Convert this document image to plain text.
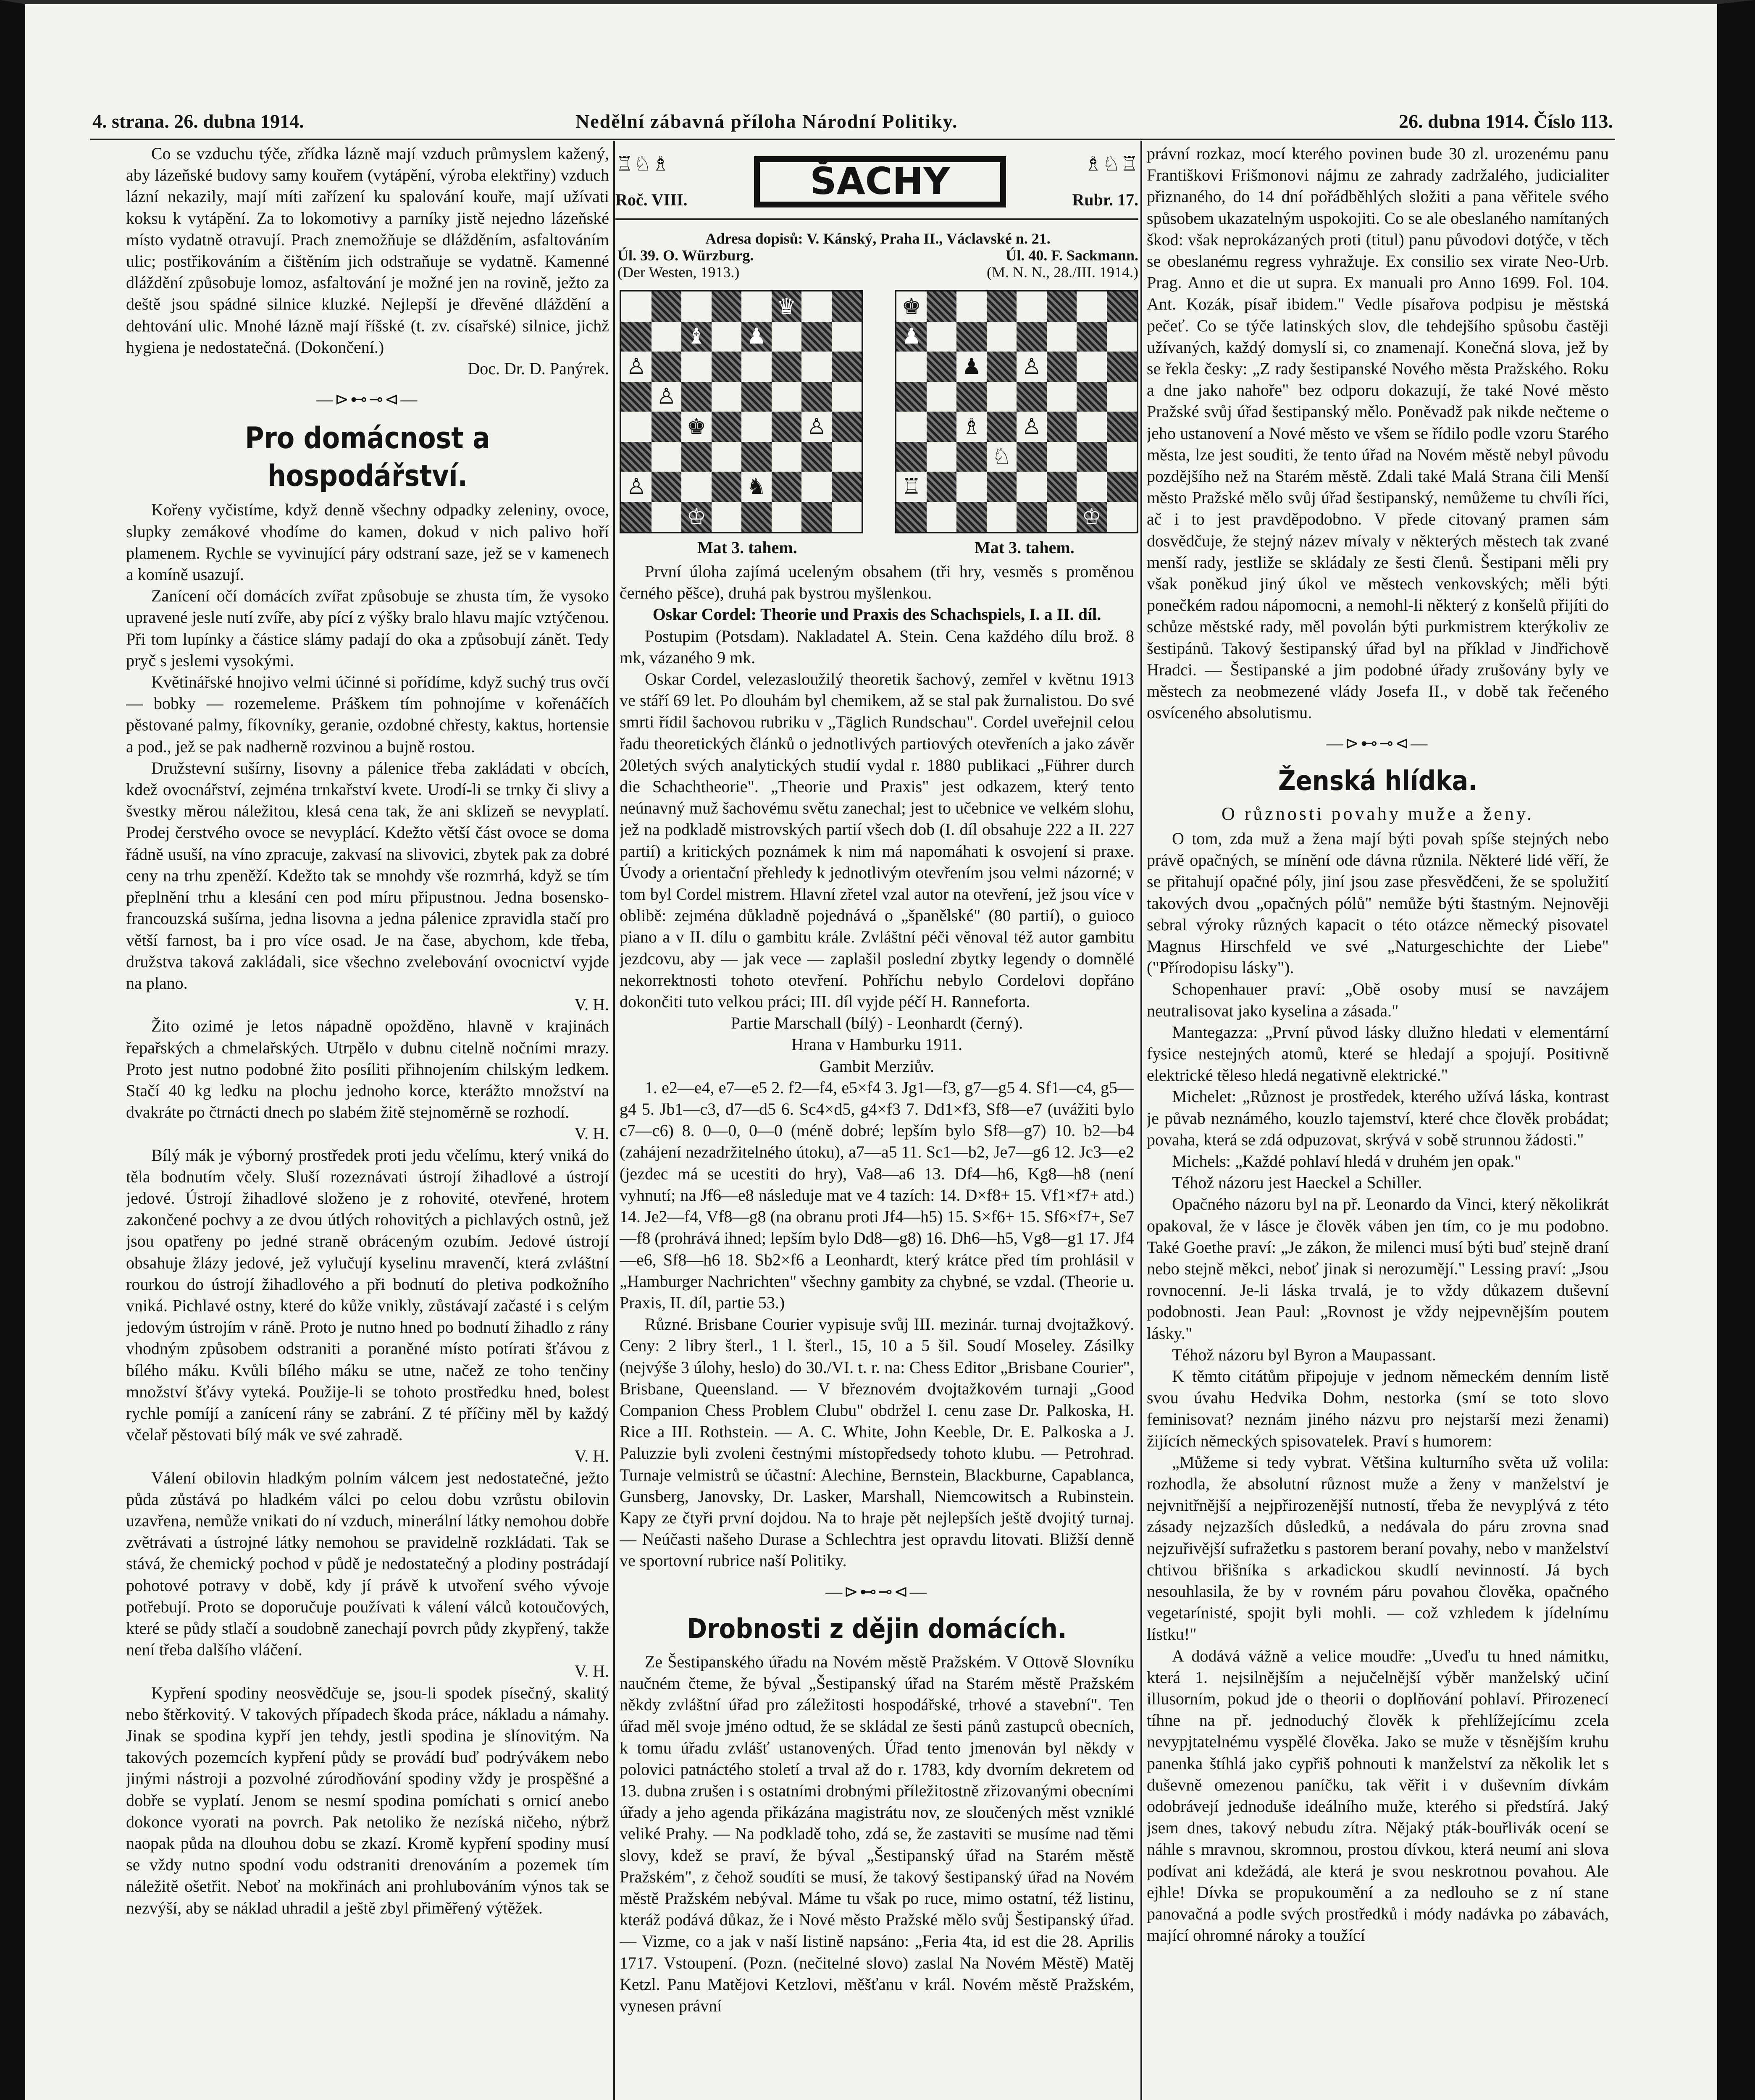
4. strana. 26. dubna 1914.	Nedělní zábavná příloha Národní Politiky.	26. dubna 1914. Číslo 113.

Co se vzduchu týče, zřídka lázně mají vzduch průmyslem kažený, aby lázeňské budovy samy kouřem (vytápění, výroba elektřiny) vzduch lázní nekazily, mají míti zařízení ku spalování kouře, mají užívati koksu k vytápění. Za to lokomotivy a parníky jistě nejedno lázeňské místo vydatně otravují. Prach znemožňuje se dlážděním, asfaltováním ulic; postřikováním a čištěním jich odstraňuje se vydatně. Kamenné dláždění způsobuje lomoz, asfaltování je možné jen na rovině, ježto za deště jsou spádné silnice kluzké. Nejlepší je dřevěné dláždění a dehtování ulic. Mnohé lázně mají říšské (t. zv. císařské) silnice, jichž hygiena je nedostatečná. (Dokončení.)

Doc. Dr. D. Panýrek.
—⊳⊷⊸⊲—
Pro domácnost a hospodářství.

Kořeny vyčistíme, když denně všechny odpadky zeleniny, ovoce, slupky zemákové vhodíme do kamen, dokud v nich palivo hoří plamenem. Rychle se vyvinující páry odstraní saze, jež se v kamenech a komíně usazují.

Zanícení očí domácích zvířat způsobuje se zhusta tím, že vysoko upravené jesle nutí zvíře, aby pící z výšky bralo hlavu majíc vztýčenou. Při tom lupínky a částice slámy padají do oka a způsobují zánět. Tedy pryč s jeslemi vysokými.

Květinářské hnojivo velmi účinné si pořídíme, když suchý trus ovčí — bobky — rozemeleme. Práškem tím pohnojíme v kořenáčích pěstované palmy, fíkovníky, geranie, ozdobné chřesty, kaktus, hortensie a pod., jež se pak nadherně rozvinou a bujně rostou.

Družstevní sušírny, lisovny a pálenice třeba zakládati v obcích, kdež ovocnářství, zejména trnkařství kvete. Urodí-li se trnky či slivy a švestky měrou náležitou, klesá cena tak, že ani sklizeň se nevyplatí. Prodej čerstvého ovoce se nevyplácí. Kdežto větší část ovoce se doma řádně usuší, na víno zpracuje, zakvasí na slivovici, zbytek pak za dobré ceny na trhu zpeněží. Kdežto tak se mnohdy vše rozmrhá, když se tím přeplnění trhu a klesání cen pod míru připustnou. Jedna bosensko-francouzská sušírna, jedna lisovna a jedna pálenice zpravidla stačí pro větší farnost, ba i pro více osad. Je na čase, abychom, kde třeba, družstva taková zakládali, sice všechno zvelebování ovocnictví vyjde na plano.

V. H.

Žito ozimé je letos nápadně opožděno, hlavně v krajinách řepařských a chmelařských. Utrpělo v dubnu citelně nočními mrazy. Proto jest nutno podobné žito posíliti přihnojením chilským ledkem. Stačí 40 kg ledku na plochu jednoho korce, kterážto množství na dvakráte po čtrnácti dnech po slabém žitě stejnoměrně se rozhodí.

V. H.

Bílý mák je výborný prostředek proti jedu včelímu, který vniká do těla bodnutím včely. Sluší rozeznávati ústrojí žihadlové a ústrojí jedové. Ústrojí žihadlové složeno je z rohovité, otevřené, hrotem zakončené pochvy a ze dvou útlých rohovitých a pichlavých ostnů, jež jsou opatřeny po jedné straně obráceným ozubím. Jedové ústrojí obsahuje žlázy jedové, jež vylučují kyselinu mravenčí, která zvláštní rourkou do ústrojí žihadlového a při bodnutí do pletiva podkožního vniká. Pichlavé ostny, které do kůže vnikly, zůstávají začasté i s celým jedovým ústrojím v ráně. Proto je nutno hned po bodnutí žihadlo z rány vhodným způsobem odstraniti a poraněné místo potírati šťávou z bílého máku. Kvůli bílého máku se utne, načež ze toho tenčiny množství šťávy vyteká. Použije-li se tohoto prostředku hned, bolest rychle pomíjí a zanícení rány se zabrání. Z té příčiny měl by každý včelař pěstovati bílý mák ve své zahradě.

V. H.

Válení obilovin hladkým polním válcem jest nedostatečné, ježto půda zůstává po hladkém válci po celou dobu vzrůstu obilovin uzavřena, nemůže vnikati do ní vzduch, minerální látky nemohou dobře zvětrávati a ústrojné látky nemohou se pravidelně rozkládati. Tak se stává, že chemický pochod v půdě je nedostatečný a plodiny postrádají pohotové potravy v době, kdy jí právě k utvoření svého vývoje potřebují. Proto se doporučuje používati k válení válců kotoučových, které se půdy stlačí a soudobně zanechají povrch půdy zkypřený, takže není třeba dalšího vláčení.

V. H.

Kypření spodiny neosvědčuje se, jsou-li spodek písečný, skalitý nebo štěrkovitý. V takových případech škoda práce, nákladu a námahy. Jinak se spodina kypří jen tehdy, jestli spodina je slínovitým. Na takových pozemcích kypření půdy se provádí buď podrývákem nebo jinými nástroji a pozvolné zúrodňování spodiny vždy je prospěšné a dobře se vyplatí. Jenom se nesmí spodina pomíchati s ornicí anebo dokonce vyorati na povrch. Pak netoliko že nezíská ničeho, nýbrž naopak půda na dlouhou dobu se zkazí. Kromě kypření spodiny musí se vždy nutno spodní vodu odstraniti drenováním a pozemek tím náležitě ošetřit. Neboť na mokřinách ani prohlubováním výnos tak se nezvýší, aby se náklad uhradil a ještě zbyl přiměřený výtěžek.

♖♘♗	♗♘♖
Roč. VIII.	ŠACHY	Rubr. 17.
Adresa dopisů: V. Kánský, Praha II., Václavské n. 21.
Úl. 39. O. Würzburg.	Úl. 40. F. Sackmann.
(Der Westen, 1913.)	(M. N. N., 28./III. 1914.)
♛
♝ ♟
♙
♙
♚	♙
♙	♞
♔
♚
♟
♟ ♙
♗ ♙
♘
♖
♔
Mat 3. tahem.	Mat 3. tahem.

První úloha zajímá uceleným obsahem (tři hry, vesměs s proměnou černého pěšce), druhá pak bystrou myšlenkou.

Oskar Cordel: Theorie und Praxis des Schachspiels, I. a II. díl.

Postupim (Potsdam). Nakladatel A. Stein. Cena každého dílu brož. 8 mk, vázaného 9 mk.

Oskar Cordel, velezasloužilý theoretik šachový, zemřel v květnu 1913 ve stáří 69 let. Po dlouhám byl chemikem, až se stal pak žurnalistou. Do své smrti řídil šachovou rubriku v „Täglich Rundschau". Cordel uveřejnil celou řadu theoretických článků o jednotlivých partiových otevřeních a jako závěr 20letých svých analytických studií vydal r. 1880 publikaci „Führer durch die Schachtheorie". „Theorie und Praxis" jest odkazem, který tento neúnavný muž šachovému světu zanechal; jest to učebnice ve velkém slohu, jež na podkladě mistrovských partií všech dob (I. díl obsahuje 222 a II. 227 partií) a kritických poznámek k nim má napomáhati k osvojení si praxe. Úvody a orientační přehledy k jednotlivým otevřením jsou velmi názorné; v tom byl Cordel mistrem. Hlavní zřetel vzal autor na otevření, jež jsou více v oblibě: zejména důkladně pojednává o „španělské" (80 partií), o guioco piano a v II. dílu o gambitu krále. Zvláštní péči věnoval též autor gambitu jezdcovu, aby — jak vece — zaplašil poslední zbytky legendy o domnělé nekorrektnosti tohoto otevření. Pohříchu nebylo Cordelovi dopřáno dokončiti tuto velkou práci; III. díl vyjde péčí H. Ranneforta.

Partie Marschall (bílý) - Leonhardt (černý).

Hrana v Hamburku 1911.

Gambit Merziův.

1. e2—e4, e7—e5 2. f2—f4, e5×f4 3. Jg1—f3, g7—g5 4. Sf1—c4, g5—g4 5. Jb1—c3, d7—d5 6. Sc4×d5, g4×f3 7. Dd1×f3, Sf8—e7 (uvážiti bylo c7—c6) 8. 0—0, 0—0 (méně dobré; lepším bylo Sf8—g7) 10. b2—b4 (zahájení nezadržitelného útoku), a7—a5 11. Sc1—b2, Je7—g6 12. Jc3—e2 (jezdec má se ucestiti do hry), Va8—a6 13. Df4—h6, Kg8—h8 (není vyhnutí; na Jf6—e8 následuje mat ve 4 tazích: 14. D×f8+ 15. Vf1×f7+ atd.) 14. Je2—f4, Vf8—g8 (na obranu proti Jf4—h5) 15. S×f6+ 15. Sf6×f7+, Se7—f8 (prohrává ihned; lepším bylo Dd8—g8) 16. Dh6—h5, Vg8—g1 17. Jf4—e6, Sf8—h6 18. Sb2×f6 a Leonhardt, který krátce před tím prohlásil v „Hamburger Nachrichten" všechny gambity za chybné, se vzdal. (Theorie u. Praxis, II. díl, partie 53.)

Různé. Brisbane Courier vypisuje svůj III. mezinár. turnaj dvojtažkový. Ceny: 2 libry šterl., 1 l. šterl., 15, 10 a 5 šil. Soudí Moseley. Zásilky (nejvýše 3 úlohy, heslo) do 30./VI. t. r. na: Chess Editor „Brisbane Courier", Brisbane, Queensland. — V březnovém dvojtažkovém turnaji „Good Companion Chess Problem Clubu" obdržel I. cenu zase Dr. Palkoska, H. Rice a III. Rothstein. — A. C. White, John Keeble, Dr. E. Palkoska a J. Paluzzie byli zvoleni čestnými místopředsedy tohoto klubu. — Petrohrad. Turnaje velmistrů se účastní: Alechine, Bernstein, Blackburne, Capablanca, Gunsberg, Janovsky, Dr. Lasker, Marshall, Niemcowitsch a Rubinstein. Kapy ze čtyři první dojdou. Na to hraje pět nejlepších ještě dvojitý turnaj. — Neúčasti našeho Durase a Schlechtra jest opravdu litovati. Bližší denně ve sportovní rubrice naší Politiky.

—⊳⊷⊸⊲—
Drobnosti z dějin domácích.

Ze Šestipanského úřadu na Novém městě Pražském. V Ottově Slovníku naučném čteme, že býval „Šestipanský úřad na Starém městě Pražském někdy zvláštní úřad pro záležitosti hospodářské, trhové a stavební". Ten úřad měl svoje jméno odtud, že se skládal ze šesti pánů zastupců obecních, k tomu úřadu zvlášť ustanovených. Úřad tento jmenován byl někdy v polovici patnáctého století a trval až do r. 1783, kdy dvorním dekretem od 13. dubna zrušen i s ostatními drobnými příležitostně zřizovanými obecními úřady a jeho agenda přikázána magistrátu nov, ze sloučených měst vzniklé veliké Prahy. — Na podkladě toho, zdá se, že zastaviti se musíme nad těmi slovy, kdež se praví, že býval „Šestipanský úřad na Starém městě Pražském", z čehož soudíti se musí, že takový šestipanský úřad na Novém městě Pražském nebýval. Máme tu však po ruce, mimo ostatní, též listinu, kteráž podává důkaz, že i Nové město Pražské mělo svůj Šestipanský úřad. — Vizme, co a jak v naší listině napsáno: „Feria 4ta, id est die 28. Aprilis 1717. Vstoupení. (Pozn. (nečitelné slovo) zaslal Na Novém Městě) Matěj Ketzl. Panu Matějovi Ketzlovi, měšťanu v král. Novém městě Pražském, vynesen právní

právní rozkaz, mocí kterého povinen bude 30 zl. urozenému panu Františkovi Frišmonovi nájmu ze zahrady zadržalého, judicialiter přiznaného, do 14 dní pořádběhlých složiti a pana věřitele svého spůsobem ukazatelným uspokojiti. Co se ale obeslaného namítaných škod: však neprokázaných proti (titul) panu původovi dotýče, v těch se obeslanému regress vyhražuje. Ex consilio sex virate Neo-Urb. Prag. Anno et die ut supra. Ex manuali pro Anno 1699. Fol. 104. Ant. Kozák, písař ibidem." Vedle písařova podpisu je městská pečeť. Co se týče latinských slov, dle tehdejšího spůsobu častěji užívaných, každý domyslí si, co znamenají. Konečná slova, jež by se řekla česky: „Z rady šestipanské Nového města Pražského. Roku a dne jako nahoře" bez odporu dokazují, že také Nové město Pražské svůj úřad šestipanský mělo. Poněvadž pak nikde nečteme o jeho ustanovení a Nové město ve všem se řídilo podle vzoru Starého města, lze jest souditi, že tento úřad na Novém městě nebyl původu pozdějšího než na Starém městě. Zdali také Malá Strana čili Menší město Pražské mělo svůj úřad šestipanský, nemůžeme tu chvíli říci, ač i to jest pravděpodobno. V přede citovaný pramen sám dosvědčuje, že stejný název mívaly v některých městech tak zvané menší rady, jestliže se skládaly ze šesti členů. Šestipani měli pry však poněkud jiný úkol ve městech venkovských; měli býti ponečkém radou nápomocni, a nemohl-li některý z konšelů přijíti do schůze městské rady, měl povolán býti purkmistrem kterýkoliv ze šestipánů. Takový šestipanský úřad byl na příklad v Jindřichově Hradci. — Šestipanské a jim podobné úřady zrušovány byly ve městech za neobmezené vlády Josefa II., v době tak řečeného osvíceného absolutismu.

—⊳⊷⊸⊲—
Ženská hlídka.
O různosti povahy muže a ženy.

O tom, zda muž a žena mají býti povah spíše stejných nebo právě opačných, se mínění ode dávna různila. Některé lidé věří, že se přitahují opačné póly, jiní jsou zase přesvědčeni, že se spolužití takových dvou „opačných pólů" nemůže býti štastným. Nejnověji sebral výroky různých kapacit o této otázce německý pisovatel Magnus Hirschfeld ve své „Naturgeschichte der Liebe" ("Přírodopisu lásky").

Schopenhauer praví: „Obě osoby musí se navzájem neutralisovat jako kyselina a zásada."

Mantegazza: „První původ lásky dlužno hledati v elementární fysice nestejných atomů, které se hledají a spojují. Positivně elektrické těleso hledá negativně elektrické."

Michelet: „Různost je prostředek, kterého užívá láska, kontrast je půvab neznámého, kouzlo tajemství, které chce člověk probádat; povaha, která se zdá odpuzovat, skrývá v sobě strunnou žádosti."

Michels: „Každé pohlaví hledá v druhém jen opak."

Téhož názoru jest Haeckel a Schiller.

Opačného názoru byl na př. Leonardo da Vinci, který několikrát opakoval, že v lásce je člověk váben jen tím, co je mu podobno. Také Goethe praví: „Je zákon, že milenci musí býti buď stejně draní nebo stejně měkci, neboť jinak si nerozumějí." Lessing praví: „Jsou rovnocenní. Je-li láska trvalá, je to vždy důkazem duševní podobnosti. Jean Paul: „Rovnost je vždy nejpevnějším poutem lásky."

Téhož názoru byl Byron a Maupassant.

K těmto citátům připojuje v jednom německém denním listě svou úvahu Hedvika Dohm, nestorka (smí se toto slovo feminisovat? neznám jiného názvu pro nejstarší mezi ženami) žijících německých spisovatelek. Praví s humorem:

„Můžeme si tedy vybrat. Většina kulturního světa už volila: rozhodla, že absolutní různost muže a ženy v manželství je nejvnitřnější a nejpřirozenější nutností, třeba že nevyplývá z této zásady nejzazších důsledků, a nedávala do páru zrovna snad nejzuřivější sufražetku s pastorem beraní povahy, nebo v manželství chtivou břišníka s arkadickou skudlí nevinností. Já bych nesouhlasila, že by v rovném páru povahou člověka, opačného vegetarínisté, spojit byli mohli. — což vzhledem k jídelnímu lístku!"

A dodává vážně a velice moudře: „Uveďu tu hned námitku, která 1. nejsilnějším a nejučelnější výběr manželský učiní illusorním, pokud jde o theorii o doplňování pohlaví. Přirozenecí tíhne na př. jednoduchý člověk k přehlížejícímu zcela nevypjtatelnému vyspělé člověka. Jako se muže v těsnějším kruhu panenka štíhlá jako cypřiš pohnouti k manželství za několik let s duševně omezenou paníčku, tak věřit i v duševním dívkám odobrávejí jednoduše ideálního muže, kterého si předstírá. Jaký jsem dnes, takový nebudu zítra. Nějaký pták-bouřlivák ocení se náhle s mravnou, skromnou, prostou dívkou, která neumí ani slova podívat ani kdežádá, ale která je svou neskrotnou povahou. Ale ejhle! Dívka se propukoumění a za nedlouho se z ní stane panovačná a podle svých prostředků i módy nadávka po zábavách, mající ohromné nároky a toužící
